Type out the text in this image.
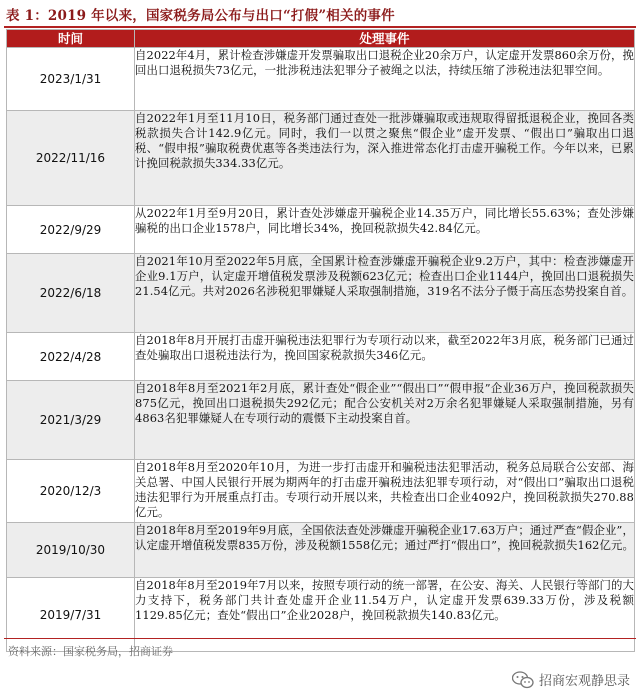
表 1：2019 年以来，国家税务局公布与出口“打假”相关的事件
时间	处理事件
2023/1/31	自2022年4月，累计检查涉嫌虚开发票骗取出口退税企业20余万户，认定虚开发票860余万份，挽回出口退税损失73亿元，一批涉税违法犯罪分子被绳之以法，持续压缩了涉税违法犯罪空间。
2022/11/16	自2022年1月至11月10日，税务部门通过查处一批涉嫌骗取或违规取得留抵退税企业，挽回各类税款损失合计142.9亿元。同时，我们一以贯之聚焦“假企业”虚开发票、“假出口”骗取出口退税、“假申报”骗取税费优惠等各类违法行为，深入推进常态化打击虚开骗税工作。今年以来，已累计挽回税款损失334.33亿元。
2022/9/29	从2022年1月至9月20日，累计查处涉嫌虚开骗税企业14.35万户，同比增长55.63%；查处涉嫌骗税的出口企业1578户，同比增长34%，挽回税款损失42.84亿元。
2022/6/18	自2021年10月至2022年5月底，全国累计检查涉嫌虚开骗税企业9.2万户，其中：检查涉嫌虚开企业9.1万户，认定虚开增值税发票涉及税额623亿元；检查出口企业1144户，挽回出口退税损失21.54亿元。共对2026名涉税犯罪嫌疑人采取强制措施，319名不法分子慑于高压态势投案自首。
2022/4/28	自2018年8月开展打击虚开骗税违法犯罪行为专项行动以来，截至2022年3月底，税务部门已通过查处骗取出口退税违法行为，挽回国家税款损失346亿元。
2021/3/29	自2018年8月至2021年2月底，累计查处“假企业”“假出口”“假申报”企业36万户，挽回税款损失875亿元，挽回出口退税损失292亿元；配合公安机关对2万余名犯罪嫌疑人采取强制措施，另有4863名犯罪嫌疑人在专项行动的震慑下主动投案自首。
2020/12/3	自2018年8月至2020年10月，为进一步打击虚开和骗税违法犯罪活动，税务总局联合公安部、海关总署、中国人民银行开展为期两年的打击虚开骗税违法犯罪专项行动，对“假出口”骗取出口退税违法犯罪行为开展重点打击。专项行动开展以来，共检查出口企业4092户，挽回税款损失270.88亿元。
2019/10/30	自2018年8月至2019年9月底，全国依法查处涉嫌虚开骗税企业17.63万户；通过严查“假企业”，认定虚开增值税发票835万份，涉及税额1558亿元；通过严打“假出口”，挽回税款损失162亿元。
2019/7/31	自2018年8月至2019年7月以来，按照专项行动的统一部署，在公安、海关、人民银行等部门的大力支持下，税务部门共计查处虚开企业11.54万户，认定虚开发票639.33万份，涉及税额1129.85亿元；查处“假出口”企业2028户，挽回税款损失140.83亿元。
资料来源：国家税务局，招商证券
招商宏观静思录
